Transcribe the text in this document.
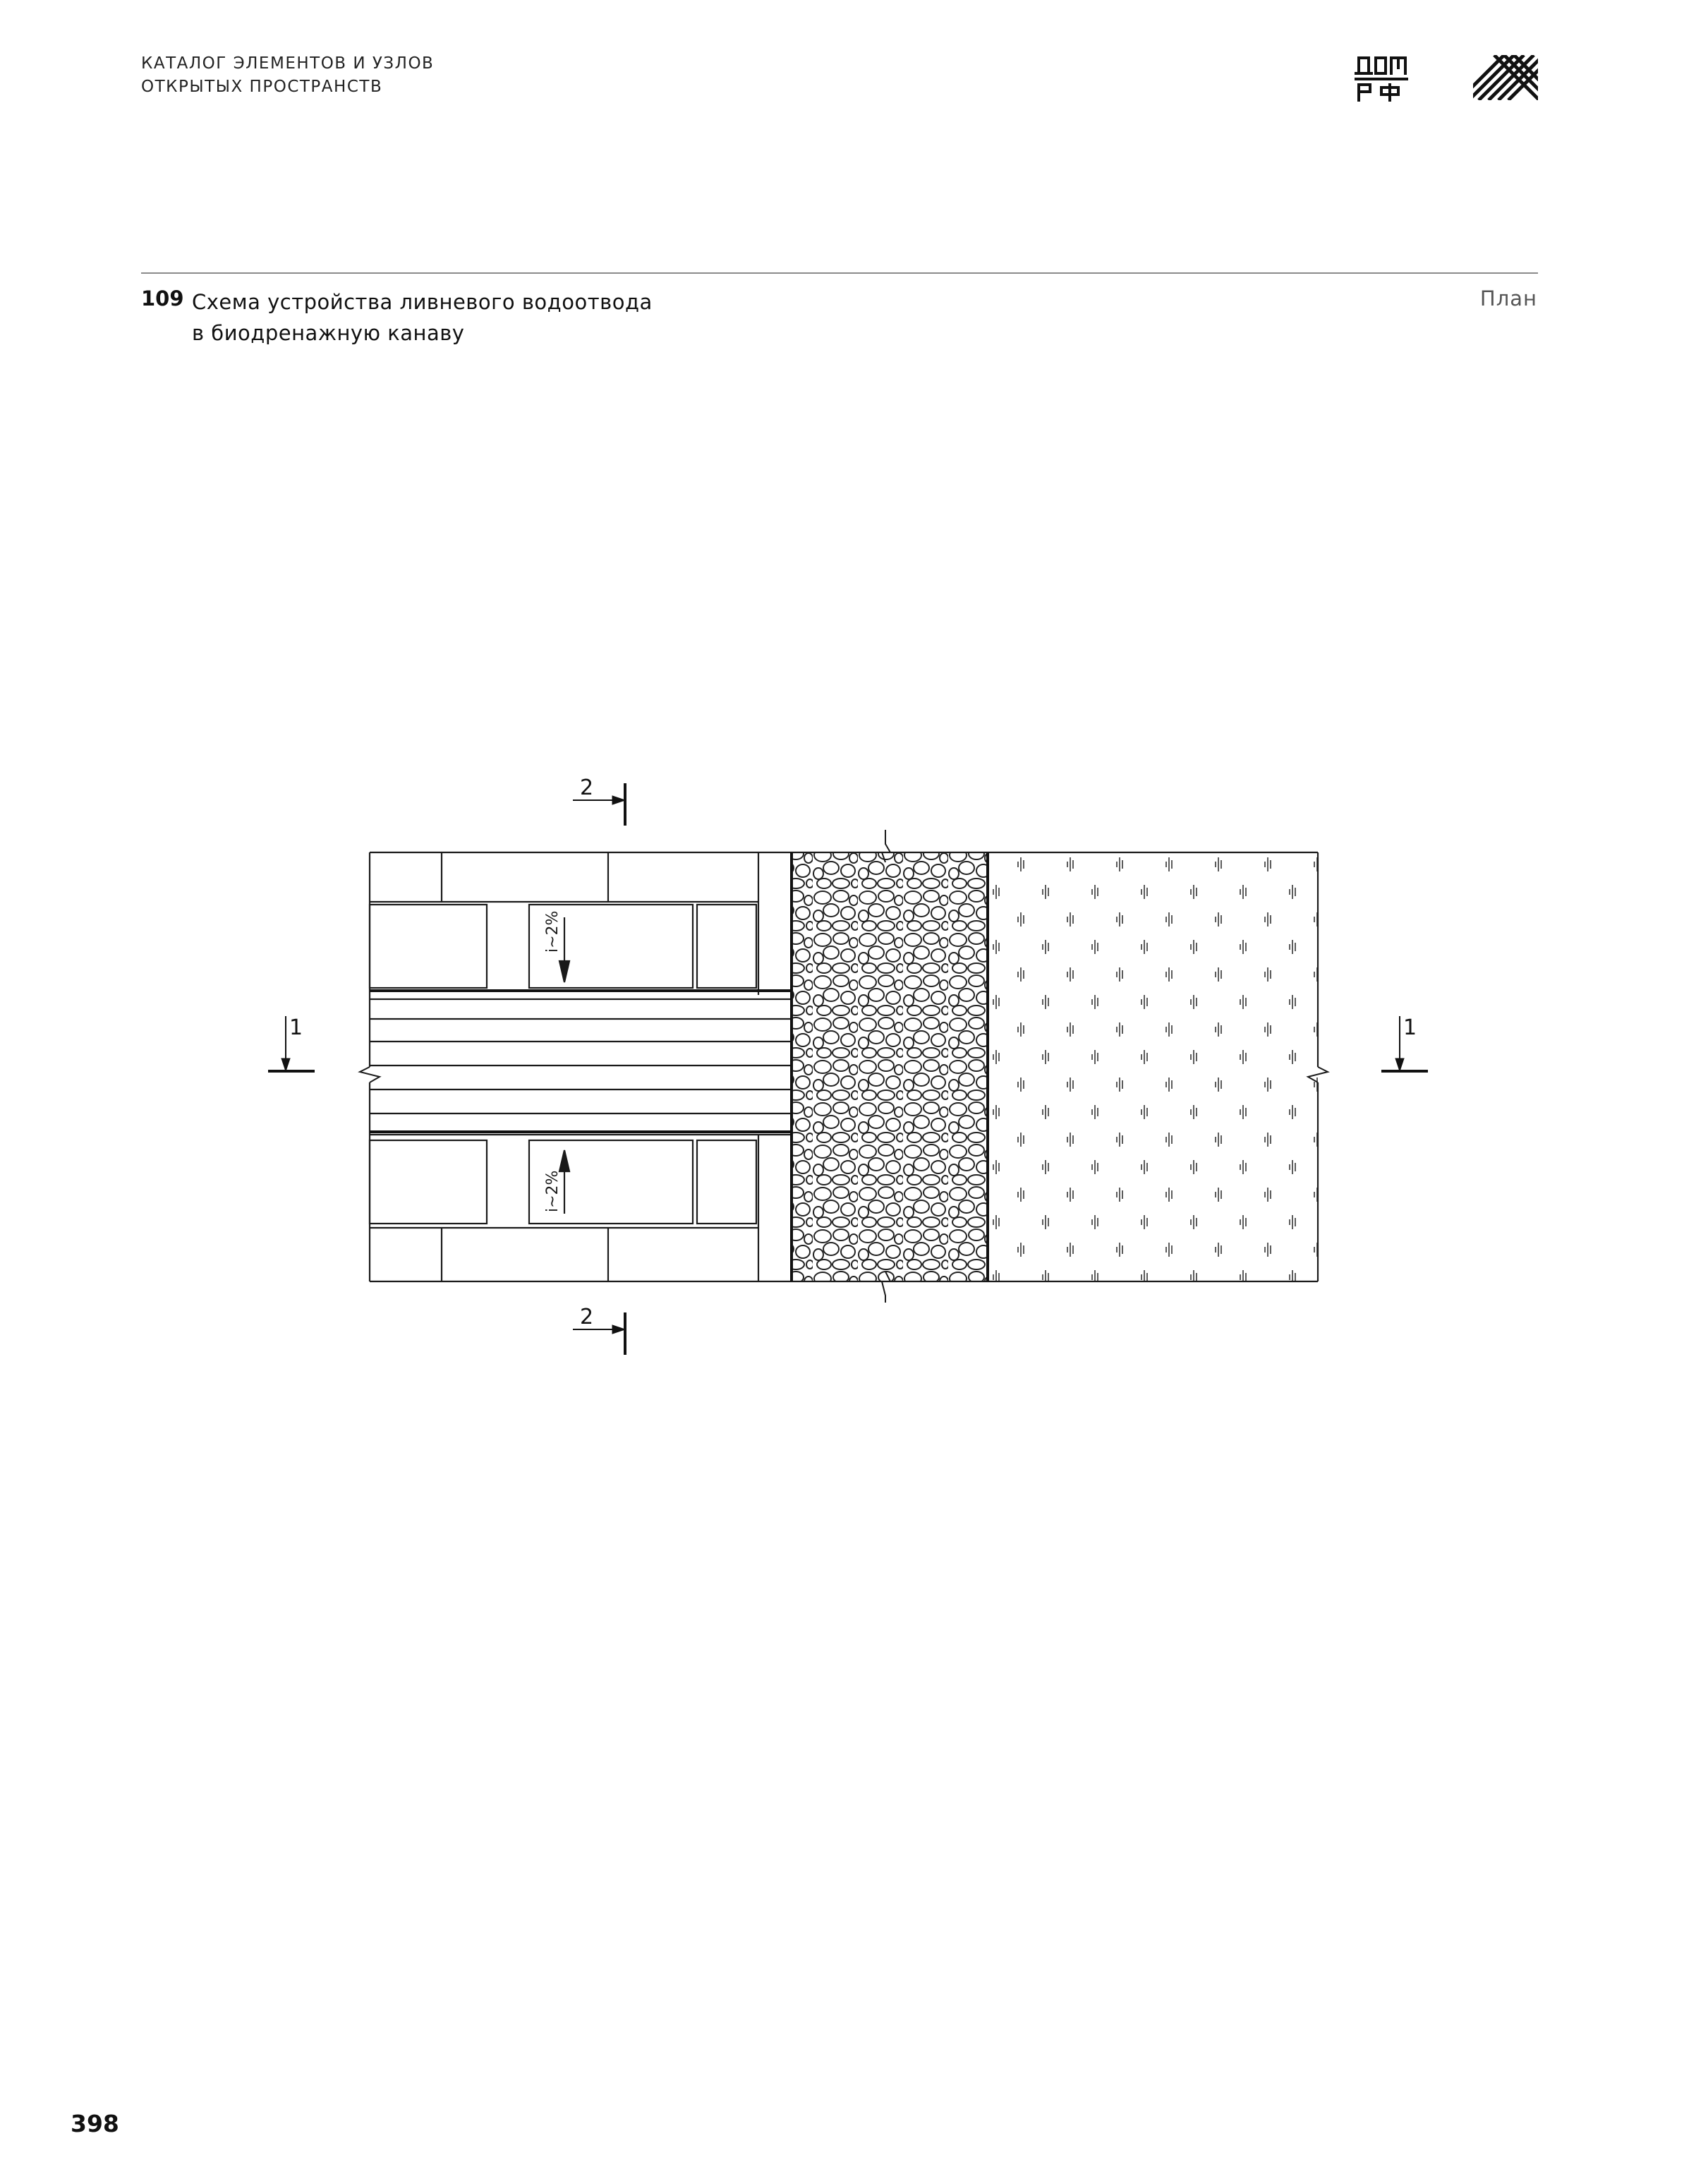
КАТАЛОГ ЭЛЕМЕНТОВ И УЗЛОВ
ОТКРЫТЫХ ПРОСТРАНСТВ
109 Схема устройства ливневого водоотвода
в биодренажную канаву
План
i~2%
i~2%
2
2
1	1
398
